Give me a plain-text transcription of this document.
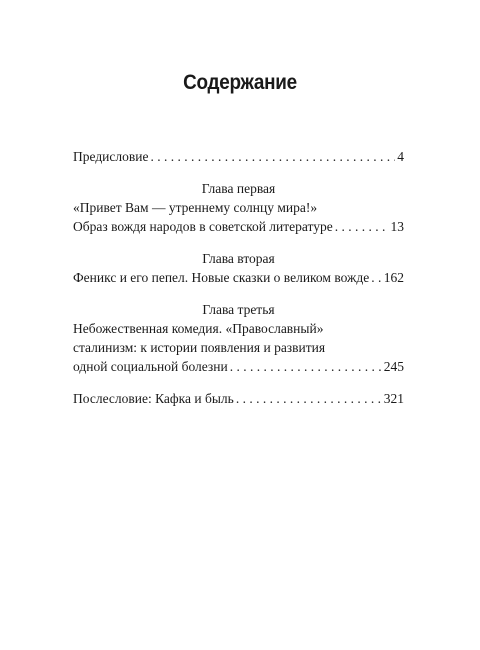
Содержание
Предисловие . . .	4
Глава первая
«Привет Вам — утреннему солнцу мира!»
Образ вождя народов в советской литературе . . .	13
Глава вторая
Феникс и его пепел. Новые сказки о великом вожде . . . 162
Глава третья
Небожественная комедия. «Православный»
сталинизм: к истории появления и развития
одной социальной болезни . . .	245
Послесловие: Кафка и быль . . .	321
